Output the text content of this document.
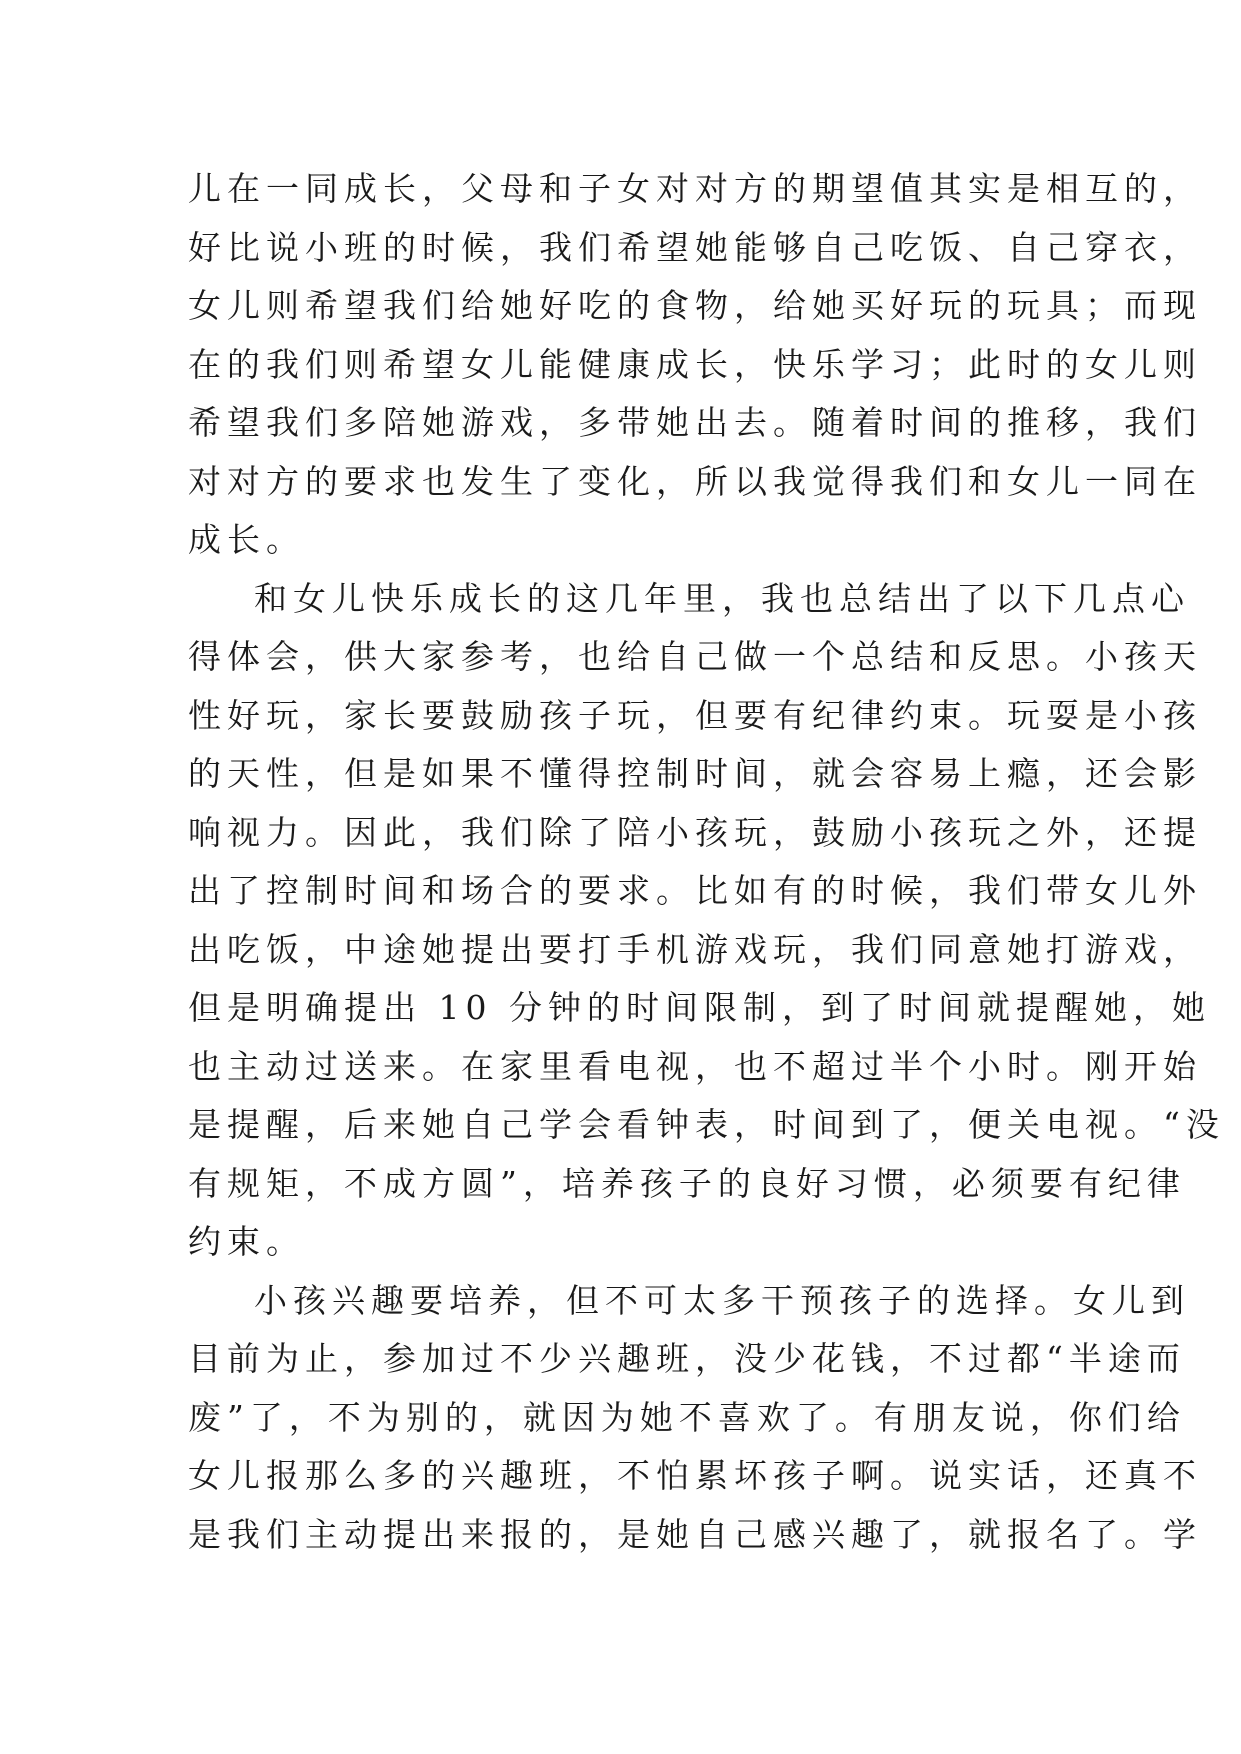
儿在一同成长，父母和子女对对方的期望值其实是相互的，
好比说小班的时候，我们希望她能够自己吃饭、自己穿衣，
女儿则希望我们给她好吃的食物，给她买好玩的玩具；而现
在的我们则希望女儿能健康成长，快乐学习；此时的女儿则
希望我们多陪她游戏，多带她出去。随着时间的推移，我们
对对方的要求也发生了变化，所以我觉得我们和女儿一同在
成长。
和女儿快乐成长的这几年里，我也总结出了以下几点心
得体会，供大家参考，也给自己做一个总结和反思。小孩天
性好玩，家长要鼓励孩子玩，但要有纪律约束。玩耍是小孩
的天性，但是如果不懂得控制时间，就会容易上瘾，还会影
响视力。因此，我们除了陪小孩玩，鼓励小孩玩之外，还提
出了控制时间和场合的要求。比如有的时候，我们带女儿外
出吃饭，中途她提出要打手机游戏玩，我们同意她打游戏，
但是明确提出 10 分钟的时间限制，到了时间就提醒她，她
也主动过送来。在家里看电视，也不超过半个小时。刚开始
是提醒，后来她自己学会看钟表，时间到了，便关电视。“没
有规矩，不成方圆”，培养孩子的良好习惯，必须要有纪律
约束。
小孩兴趣要培养，但不可太多干预孩子的选择。女儿到
目前为止，参加过不少兴趣班，没少花钱，不过都“半途而
废”了，不为别的，就因为她不喜欢了。有朋友说，你们给
女儿报那么多的兴趣班，不怕累坏孩子啊。说实话，还真不
是我们主动提出来报的，是她自己感兴趣了，就报名了。学
